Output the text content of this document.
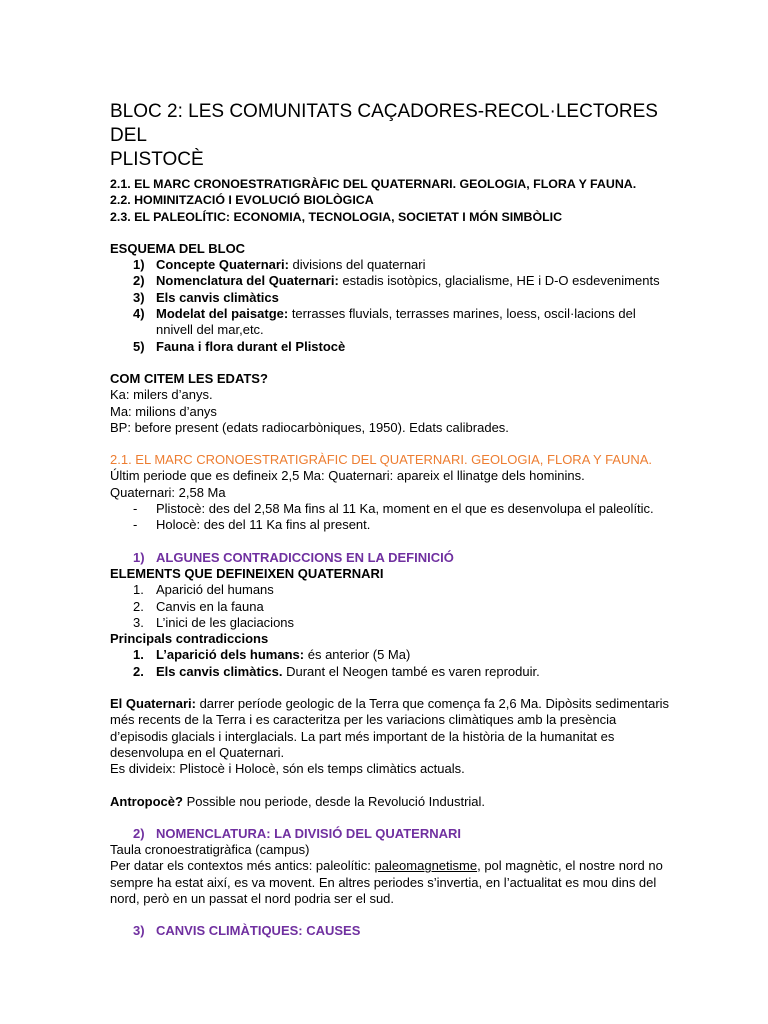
BLOC 2: LES COMUNITATS CAÇADORES-RECOL·LECTORES DEL
PLISTOCÈ
2.1. EL MARC CRONOESTRATIGRÀFIC DEL QUATERNARI. GEOLOGIA, FLORA Y FAUNA.
2.2. HOMINITZACIÓ I EVOLUCIÓ BIOLÒGICA
2.3. EL PALEOLÍTIC: ECONOMIA, TECNOLOGIA, SOCIETAT I MÓN SIMBÒLIC
ESQUEMA DEL BLOC
1) Concepte Quaternari: divisions del quaternari
2) Nomenclatura del Quaternari: estadis isotòpics, glacialisme, HE i D-O esdeveniments
3) Els canvis climàtics
4) Modelat del paisatge: terrasses fluvials, terrasses marines, loess, oscil·lacions del nnivell del mar,etc.
5) Fauna i flora durant el Plistocè
COM CITEM LES EDATS?
Ka: milers d’anys.
Ma: milions d’anys
BP: before present (edats radiocarbòniques, 1950). Edats calibrades.
2.1. EL MARC CRONOESTRATIGRÀFIC DEL QUATERNARI. GEOLOGIA, FLORA Y FAUNA.
Últim periode que es defineix 2,5 Ma: Quaternari: apareix el llinatge dels hominins.
Quaternari: 2,58 Ma
- Plistocè: des del 2,58 Ma fins al 11 Ka, moment en el que es desenvolupa el paleolític.
- Holocè: des del 11 Ka fins al present.
1) ALGUNES CONTRADICCIONS EN LA DEFINICIÓ
ELEMENTS QUE DEFINEIXEN QUATERNARI
1. Aparició del humans
2. Canvis en la fauna
3. L’inici de les glaciacions
Principals contradiccions
1. L’aparició dels humans: és anterior (5 Ma)
2. Els canvis climàtics. Durant el Neogen també es varen reproduir.

El Quaternari: darrer període geologic de la Terra que comença fa 2,6 Ma. Dipòsits sedimentaris més recents de la Terra i es caracteritza per les variacions climàtiques amb la presència d’episodis glacials i interglacials. La part més important de la història de la humanitat es desenvolupa en el Quaternari.

Es divideix: Plistocè i Holocè, són els temps climàtics actuals.

Antropocè? Possible nou periode, desde la Revolució Industrial.

2) NOMENCLATURA: LA DIVISIÓ DEL QUATERNARI
Taula cronoestratigràfica (campus)

Per datar els contextos més antics: paleolític: paleomagnetisme, pol magnètic, el nostre nord no sempre ha estat així, es va movent. En altres periodes s’invertia, en l’actualitat es mou dins del nord, però en un passat el nord podria ser el sud.

3) CANVIS CLIMÀTIQUES: CAUSES
